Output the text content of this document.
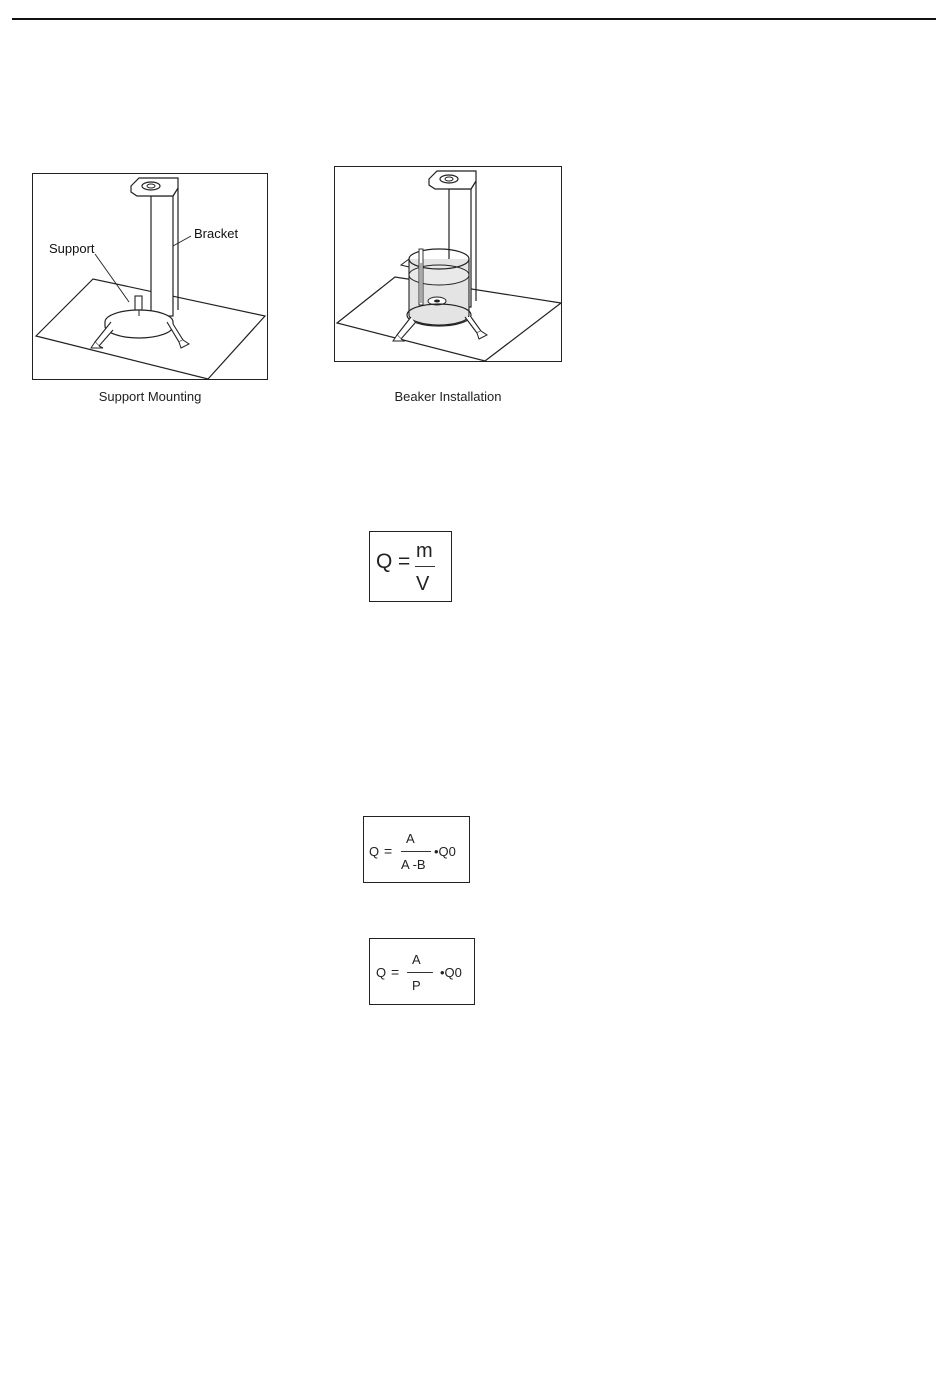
Support
Bracket
Support Mounting	Beaker Installation
Q = m
V
Q =
A
A -B
•Q0
Q =
A
P
•Q0
